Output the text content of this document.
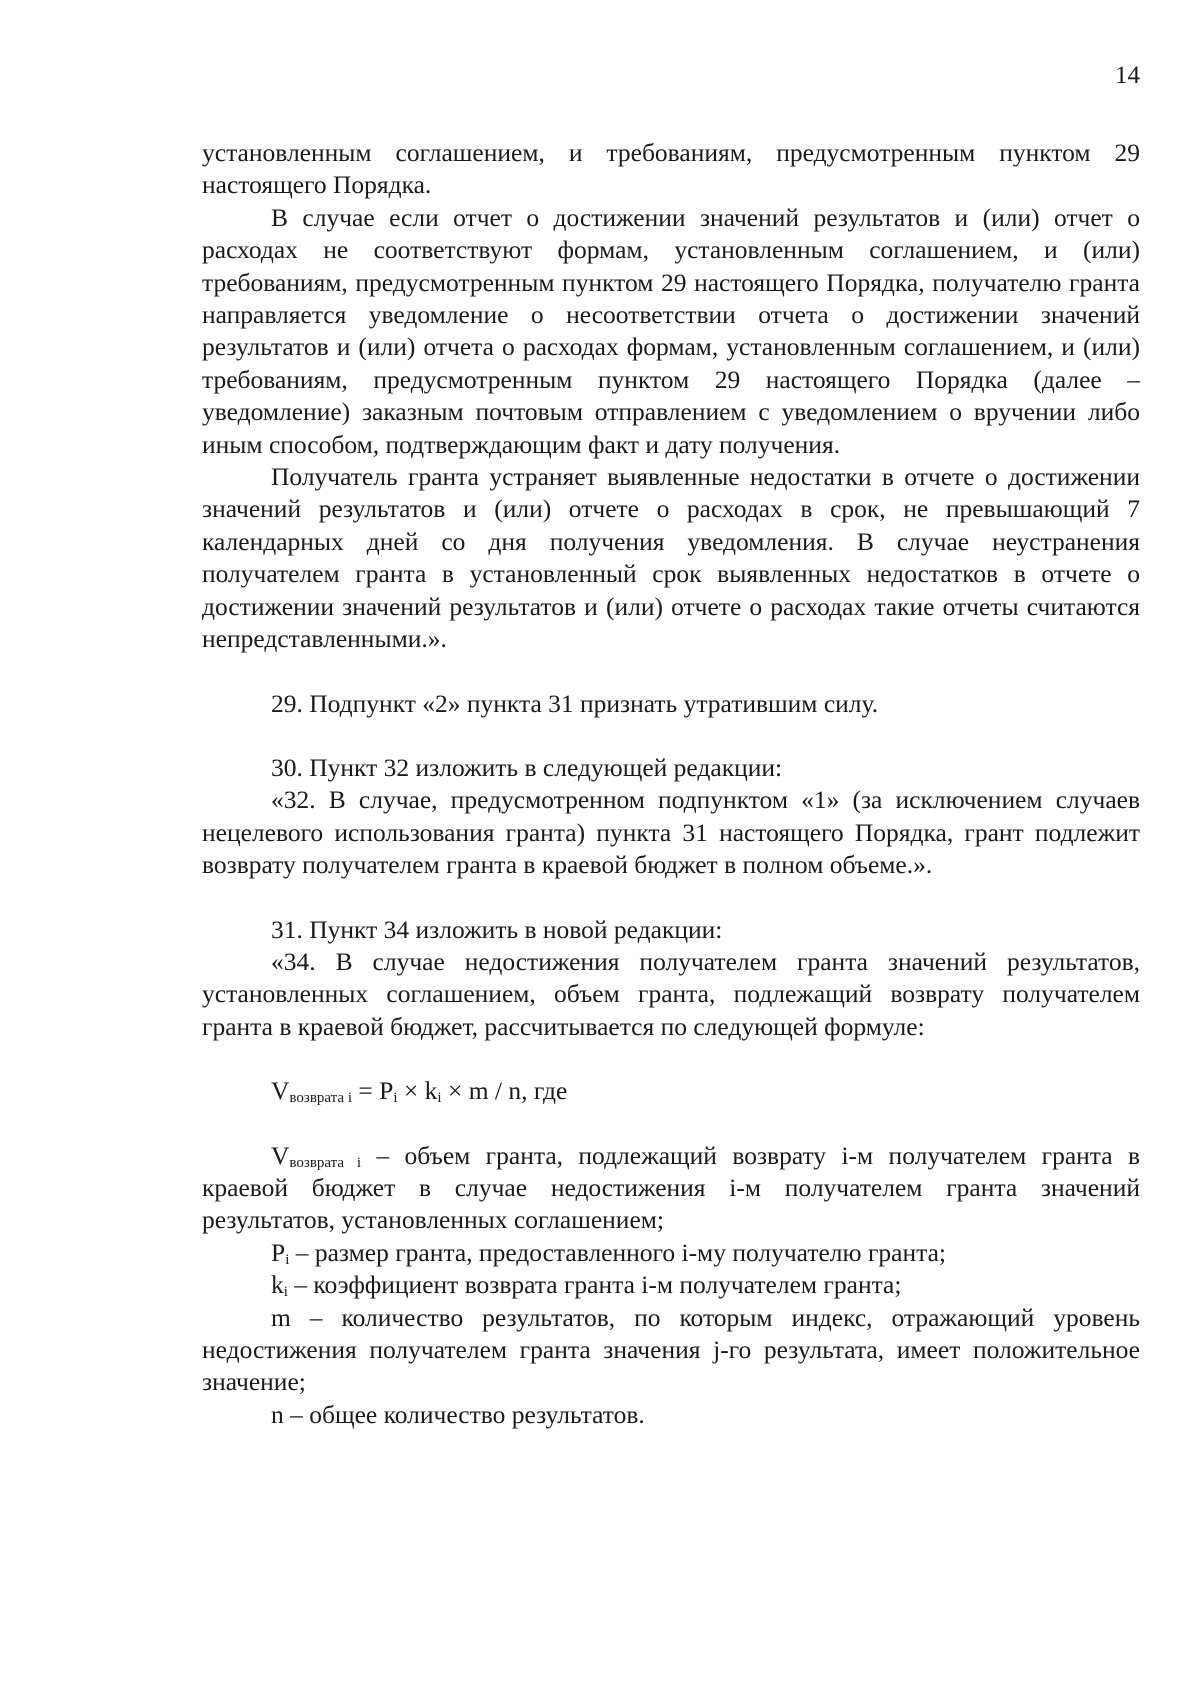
14

установленным соглашением, и требованиям, предусмотренным пунктом 29 настоящего Порядка.

В случае если отчет о достижении значений результатов и (или) отчет о расходах не соответствуют формам, установленным соглашением, и (или) требованиям, предусмотренным пунктом 29 настоящего Порядка, получателю гранта направляется уведомление о несоответствии отчета о достижении значений результатов и (или) отчета о расходах формам, установленным соглашением, и (или) требованиям, предусмотренным пунктом 29 настоящего Порядка (далее – уведомление) заказным почтовым отправлением с уведомлением о вручении либо иным способом, подтверждающим факт и дату получения.

Получатель гранта устраняет выявленные недостатки в отчете о достижении значений результатов и (или) отчете о расходах в срок, не превышающий 7 календарных дней со дня получения уведомления. В случае неустранения получателем гранта в установленный срок выявленных недостатков в отчете о достижении значений результатов и (или) отчете о расходах такие отчеты считаются непредставленными.».

29. Подпункт «2» пункта 31 признать утратившим силу.

30. Пункт 32 изложить в следующей редакции:

«32. В случае, предусмотренном подпунктом «1» (за исключением случаев нецелевого использования гранта) пункта 31 настоящего Порядка, грант подлежит возврату получателем гранта в краевой бюджет в полном объеме.».

31. Пункт 34 изложить в новой редакции:

«34. В случае недостижения получателем гранта значений результатов, установленных соглашением, объем гранта, подлежащий возврату получателем гранта в краевой бюджет, рассчитывается по следующей формуле:

$V_{возврата i} = P_i \times k_i \times m / n$, где

$V_{возврата i}$ – объем гранта, подлежащий возврату i-м получателем гранта в краевой бюджет в случае недостижения i-м получателем гранта значений результатов, установленных соглашением;

$P_i$ – размер гранта, предоставленного i-му получателю гранта;

$k_i$ – коэффициент возврата гранта i-м получателем гранта;

m – количество результатов, по которым индекс, отражающий уровень недостижения получателем гранта значения j-го результата, имеет положительное значение;

n – общее количество результатов.
